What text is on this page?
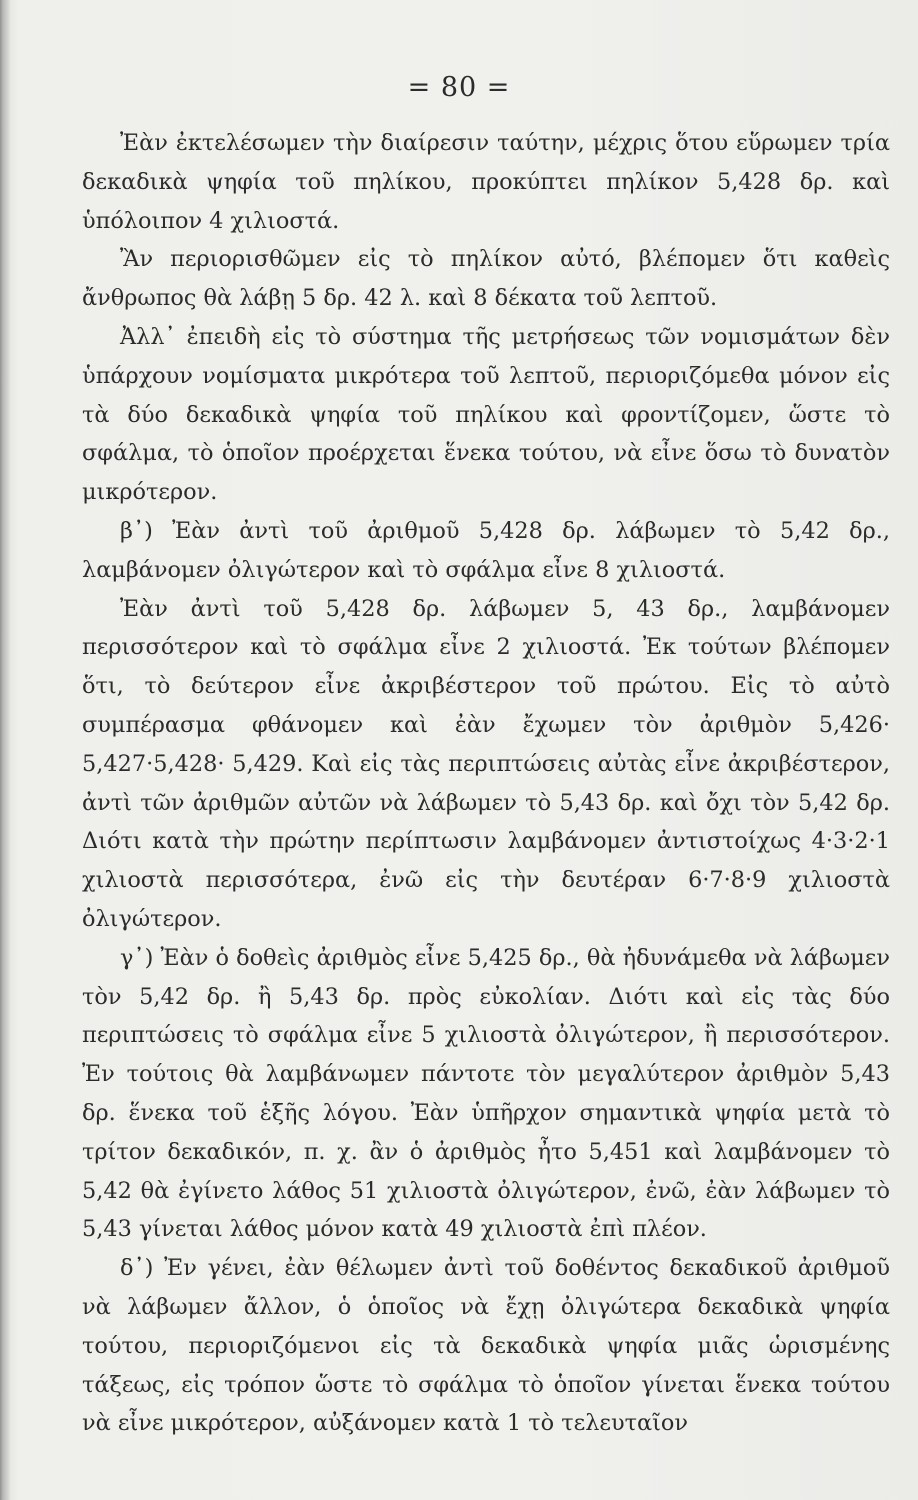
= 80 =

Ἐὰν ἐκτελέσωμεν τὴν διαίρεσιν ταύτην, μέχρις ὅτου εὕρωμεν τρία δεκαδικὰ ψηφία τοῦ πηλίκου, προκύπτει πηλίκον 5,428 δρ. καὶ ὑπόλοιπον 4 χιλιοστά.

Ἂν περιορισθῶμεν εἰς τὸ πηλίκον αὐτό, βλέπομεν ὅτι καθεὶς ἄνθρωπος θὰ λάβῃ 5 δρ. 42 λ. καὶ 8 δέκατα τοῦ λεπτοῦ.

Ἀλλ᾽ ἐπειδὴ εἰς τὸ σύστημα τῆς μετρήσεως τῶν νομισμάτων δὲν ὑπάρχουν νομίσματα μικρότερα τοῦ λεπτοῦ, περιοριζόμεθα μόνον εἰς τὰ δύο δεκαδικὰ ψηφία τοῦ πηλίκου καὶ φροντίζομεν, ὥστε τὸ σφάλμα, τὸ ὁποῖον προέρχεται ἕνεκα τούτου, νὰ εἶνε ὅσω τὸ δυνατὸν μικρότερον.

β᾽) Ἐὰν ἀντὶ τοῦ ἀριθμοῦ 5,428 δρ. λάβωμεν τὸ 5,42 δρ., λαμβάνομεν ὀλιγώτερον καὶ τὸ σφάλμα εἶνε 8 χιλιοστά.

Ἐὰν ἀντὶ τοῦ 5,428 δρ. λάβωμεν 5, 43 δρ., λαμβάνομεν περισσότερον καὶ τὸ σφάλμα εἶνε 2 χιλιοστά. Ἐκ τούτων βλέπομεν ὅτι, τὸ δεύτερον εἶνε ἀκριβέστερον τοῦ πρώτου. Εἰς τὸ αὐτὸ συμπέρασμα φθάνομεν καὶ ἐὰν ἔχωμεν τὸν ἀριθμὸν 5,426· 5,427·5,428· 5,429. Καὶ εἰς τὰς περιπτώσεις αὐτὰς εἶνε ἀκριβέστερον, ἀντὶ τῶν ἀριθμῶν αὐτῶν νὰ λάβωμεν τὸ 5,43 δρ. καὶ ὄχι τὸν 5,42 δρ. Διότι κατὰ τὴν πρώτην περίπτωσιν λαμβάνομεν ἀντιστοίχως 4·3·2·1 χιλιοστὰ περισσότερα, ἐνῶ εἰς τὴν δευτέραν 6·7·8·9 χιλιοστὰ ὀλιγώτερον.

γ᾽) Ἐὰν ὁ δοθεὶς ἀριθμὸς εἶνε 5,425 δρ., θὰ ἠδυνάμεθα νὰ λάβωμεν τὸν 5,42 δρ. ἢ 5,43 δρ. πρὸς εὐκολίαν. Διότι καὶ εἰς τὰς δύο περιπτώσεις τὸ σφάλμα εἶνε 5 χιλιοστὰ ὀλιγώτερον, ἢ περισσότερον. Ἐν τούτοις θὰ λαμβάνωμεν πάντοτε τὸν μεγαλύτερον ἀριθμὸν 5,43 δρ. ἕνεκα τοῦ ἑξῆς λόγου. Ἐὰν ὑπῆρχον σημαντικὰ ψηφία μετὰ τὸ τρίτον δεκαδικόν, π. χ. ἂν ὁ ἀριθμὸς ἦτο 5,451 καὶ λαμβάνομεν τὸ 5,42 θὰ ἐγίνετο λάθος 51 χιλιοστὰ ὀλιγώτερον, ἐνῶ, ἐὰν λάβωμεν τὸ 5,43 γίνεται λάθος μόνον κατὰ 49 χιλιοστὰ ἐπὶ πλέον.

δ᾽) Ἐν γένει, ἐὰν θέλωμεν ἀντὶ τοῦ δοθέντος δεκαδικοῦ ἀριθμοῦ νὰ λάβωμεν ἄλλον, ὁ ὁποῖος νὰ ἔχῃ ὀλιγώτερα δεκαδικὰ ψηφία τούτου, περιοριζόμενοι εἰς τὰ δεκαδικὰ ψηφία μιᾶς ὡρισμένης τάξεως, εἰς τρόπον ὥστε τὸ σφάλμα τὸ ὁποῖον γίνεται ἕνεκα τούτου νὰ εἶνε μικρότερον, αὐξάνομεν κατὰ 1 τὸ τελευταῖον
